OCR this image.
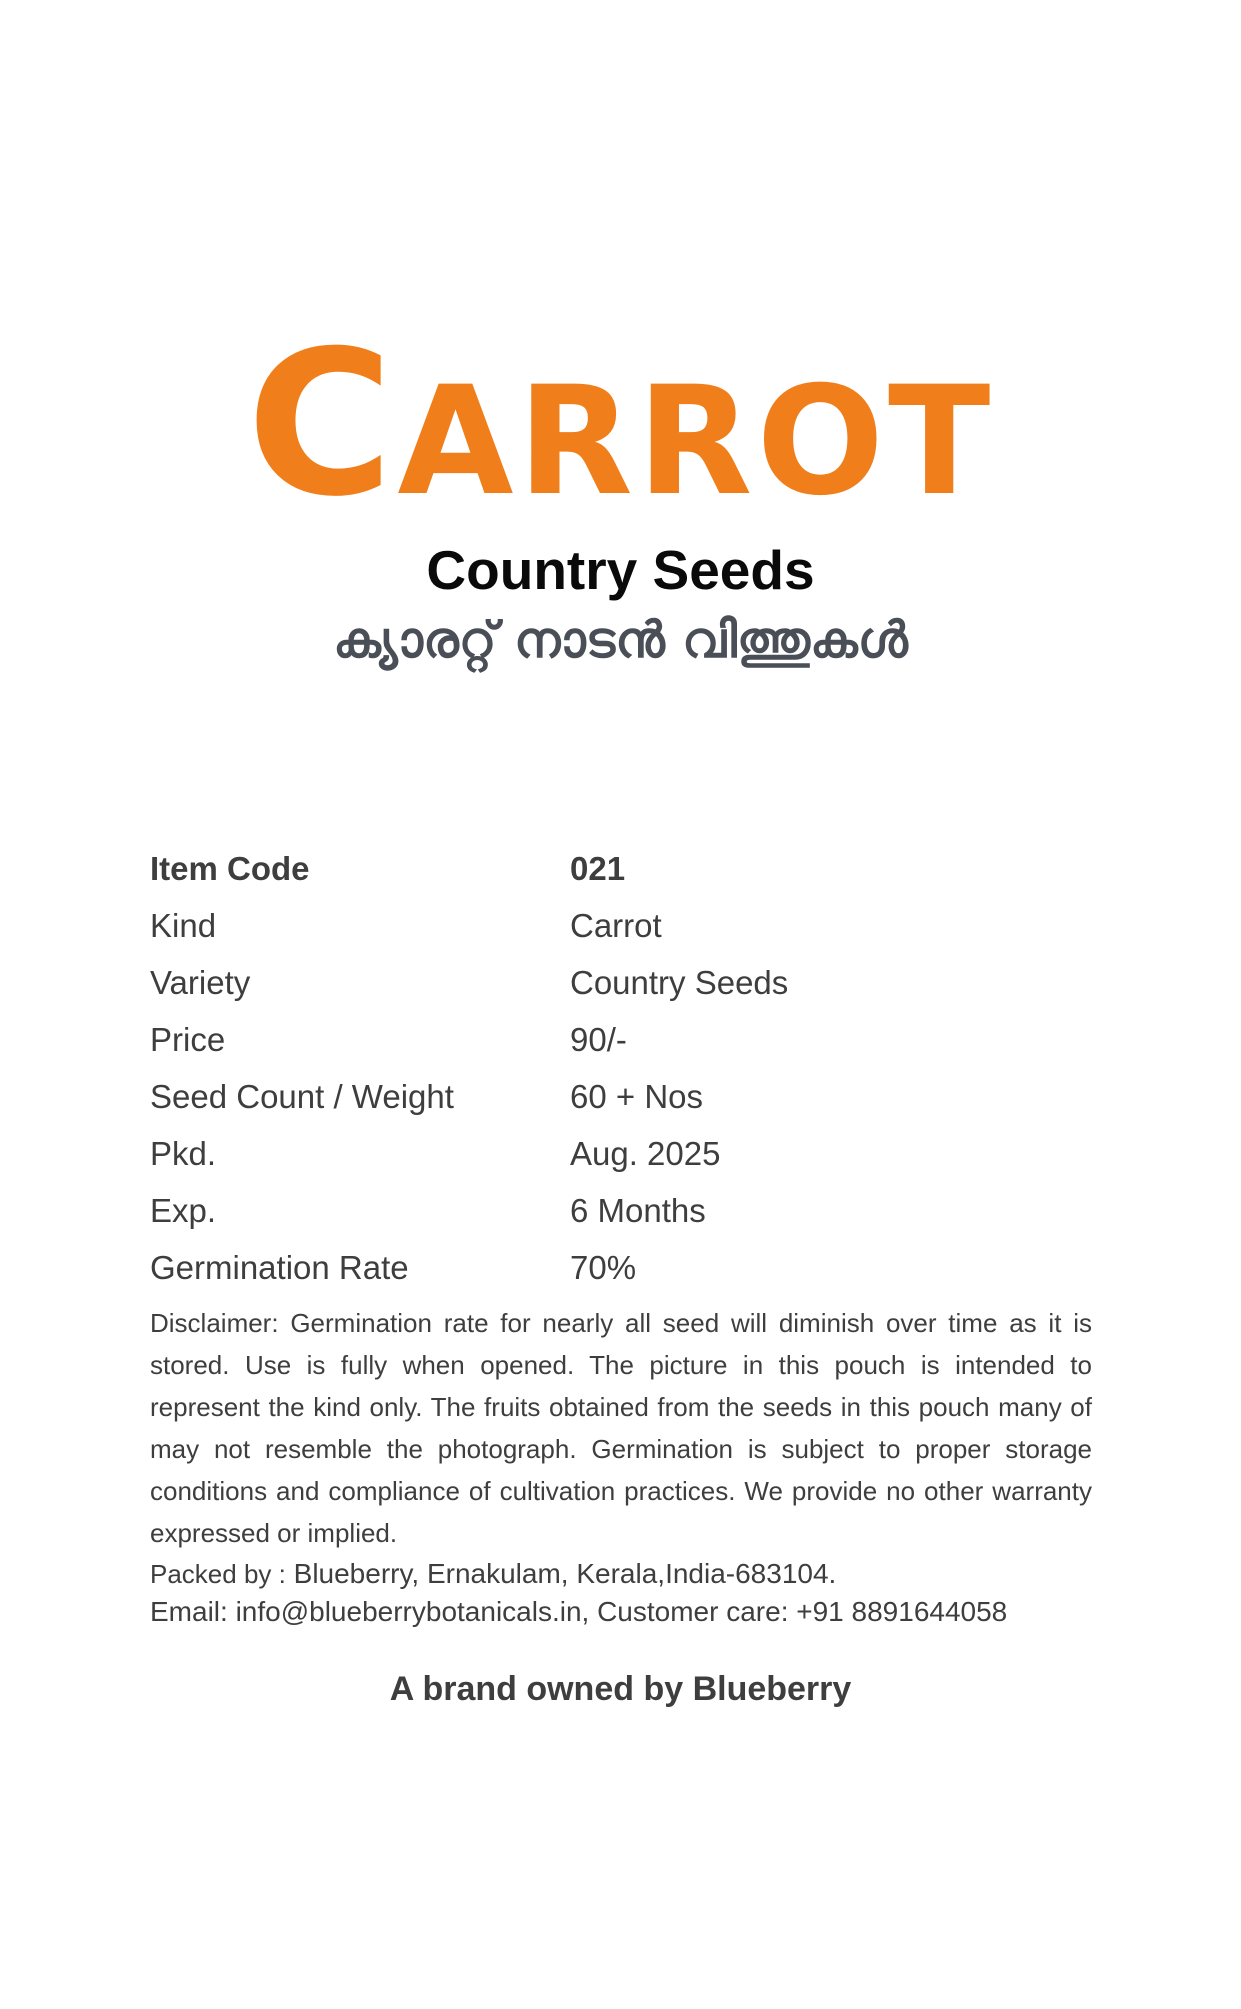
CARROT
Country Seeds
ക്യാരറ്റ് നാടൻ വിത്തുകൾ
Item Code	021
Kind	Carrot
Variety	Country Seeds
Price	90/-
Seed Count / Weight	60 + Nos
Pkd.	Aug. 2025
Exp.	6 Months
Germination Rate	70%
Disclaimer: Germination rate for nearly all seed will diminish over time as it is stored. Use is fully when opened. The picture in this pouch is intended to represent the kind only. The fruits obtained from the seeds in this pouch many of may not resemble the photograph. Germination is subject to proper storage conditions and compliance of cultivation practices. We provide no other warranty expressed or implied.
Packed by : Blueberry, Ernakulam, Kerala,India-683104.
Email: info@blueberrybotanicals.in, Customer care: +91 8891644058
A brand owned by Blueberry
